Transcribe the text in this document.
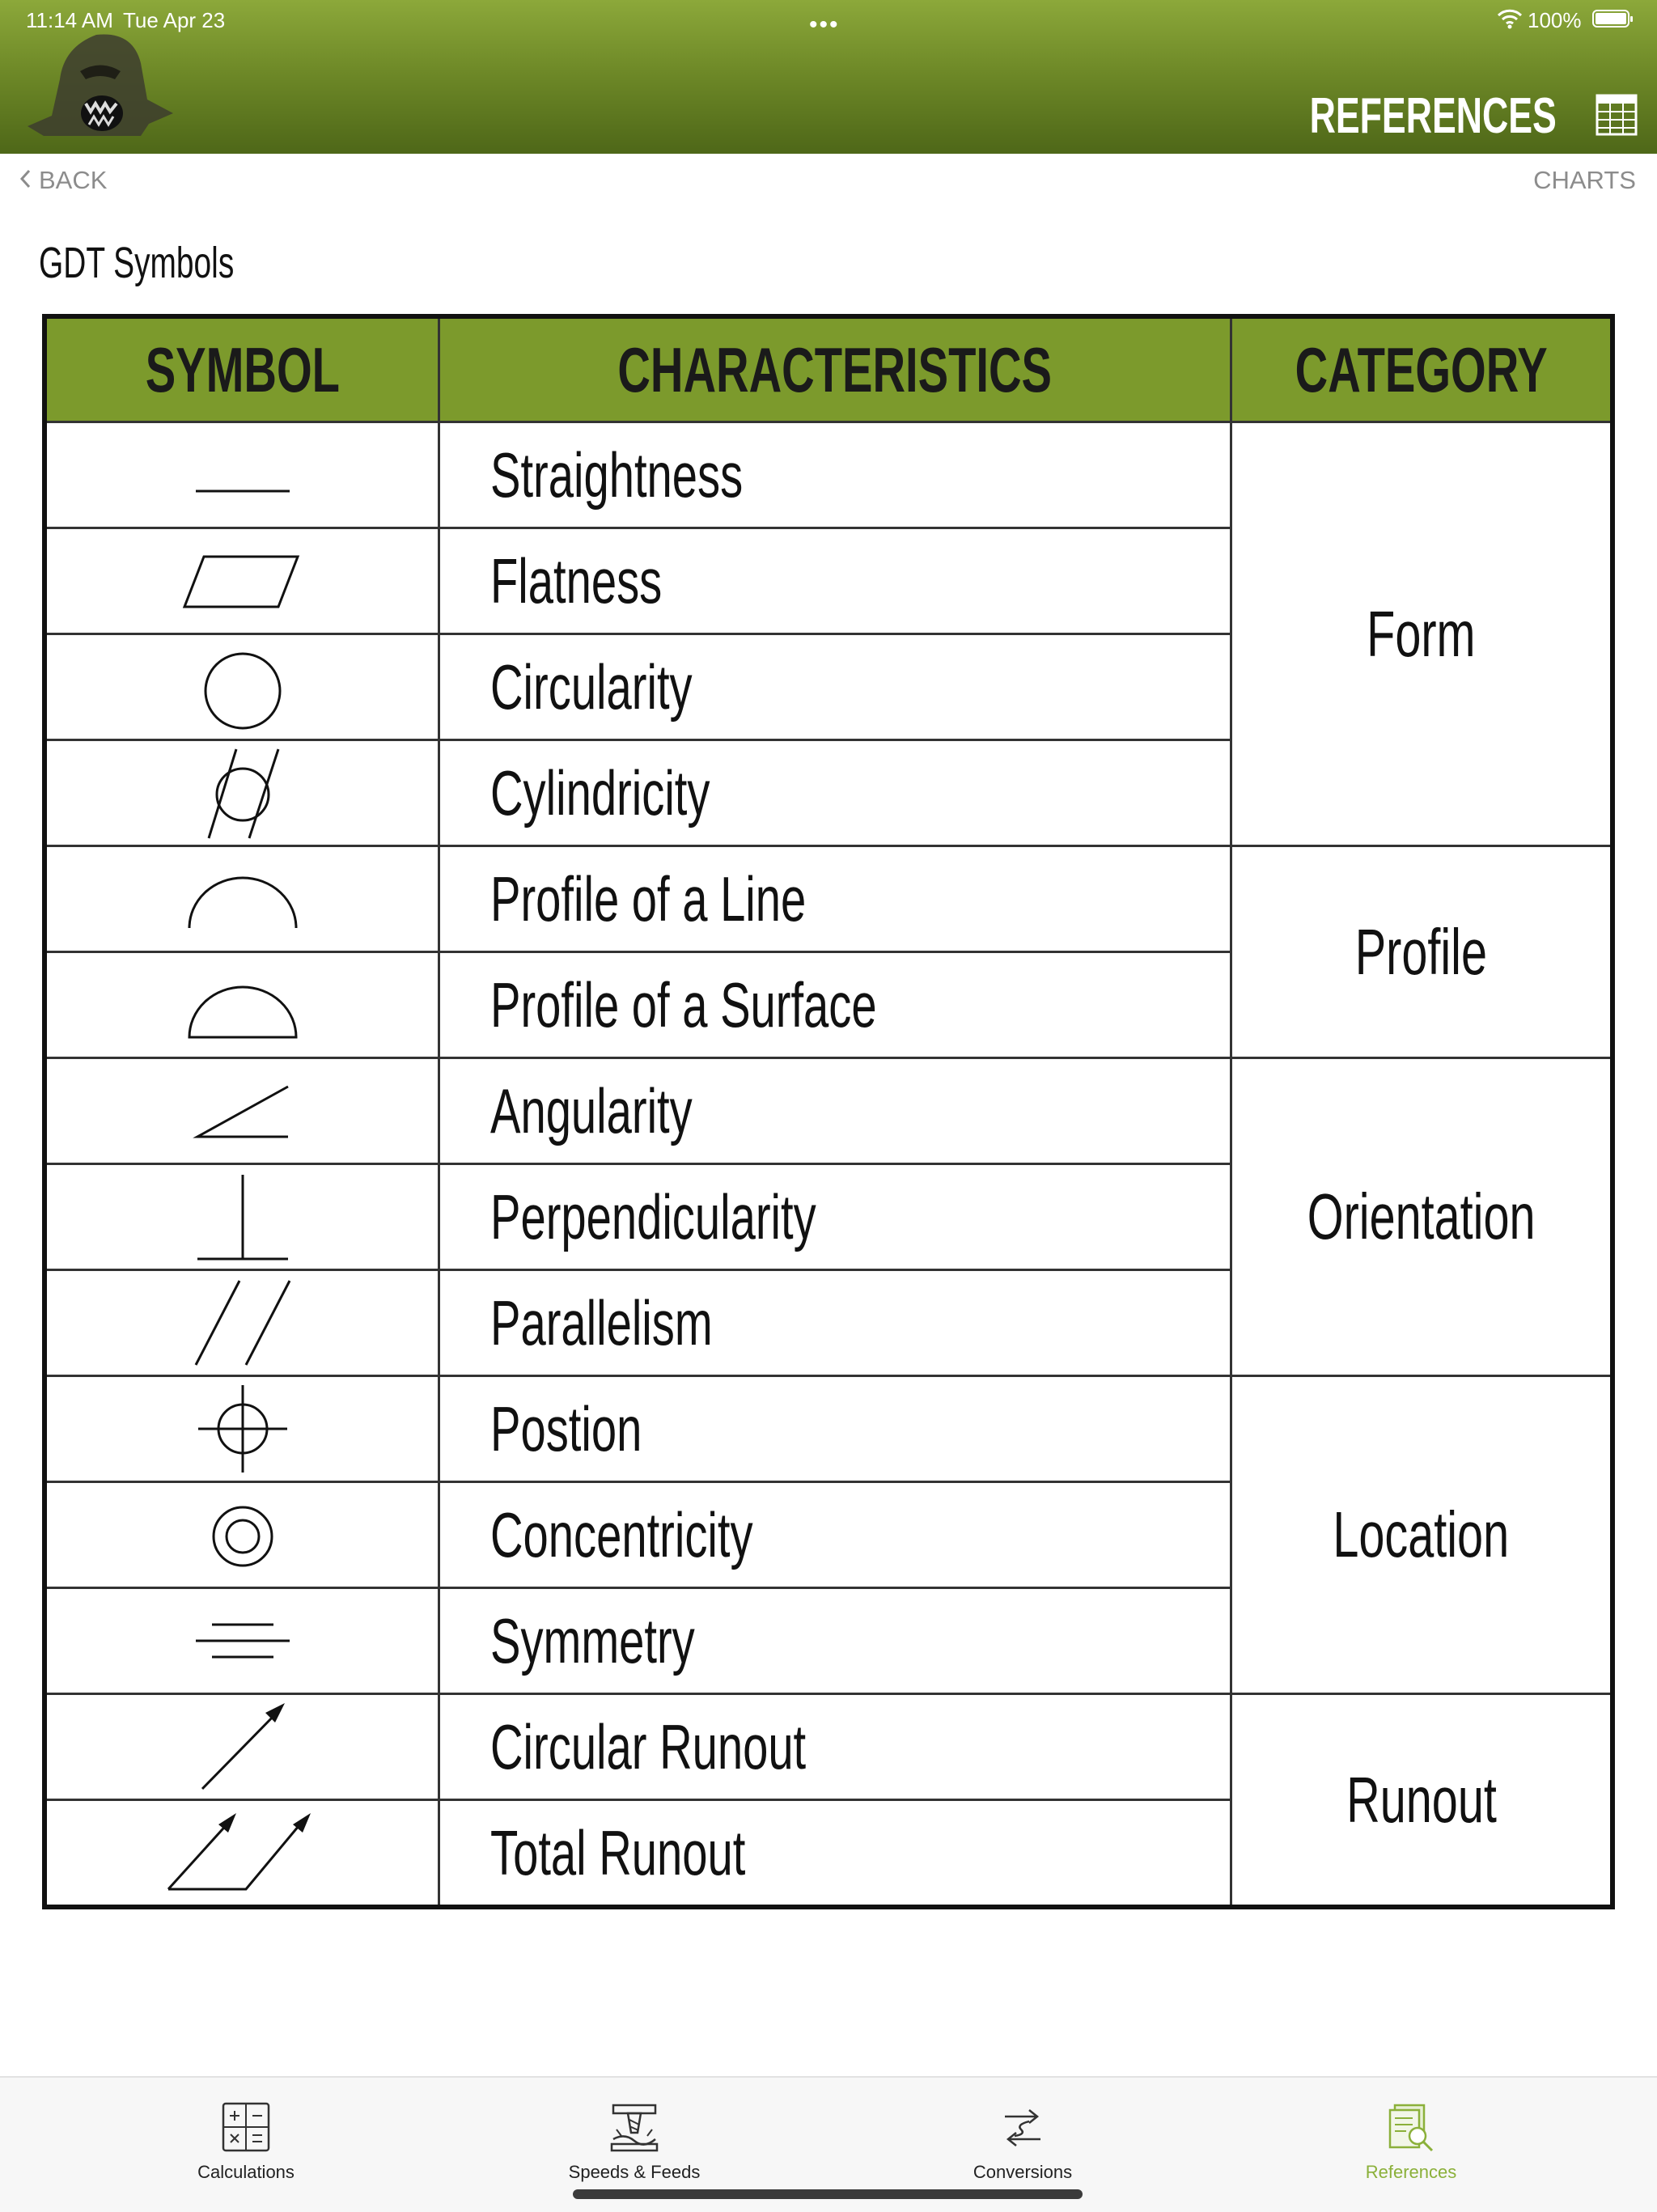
11:14 AM Tue Apr 23	•••	100%
REFERENCES
BACK	CHARTS
GDT Symbols
SYMBOL	CHARACTERISTICS	CATEGORY

	Straightness	Form

	Flatness	

	Circularity	

	Cylindricity	

	Profile of a Line	Profile

	Profile of a Surface	

	Angularity	Orientation

	Perpendicularity	

	Parallelism	

	Postion	Location

	Concentricity	

	Symmetry	

	Circular Runout	Runout

	Total Runout	
Calculations	Speeds & Feeds	Conversions	References
